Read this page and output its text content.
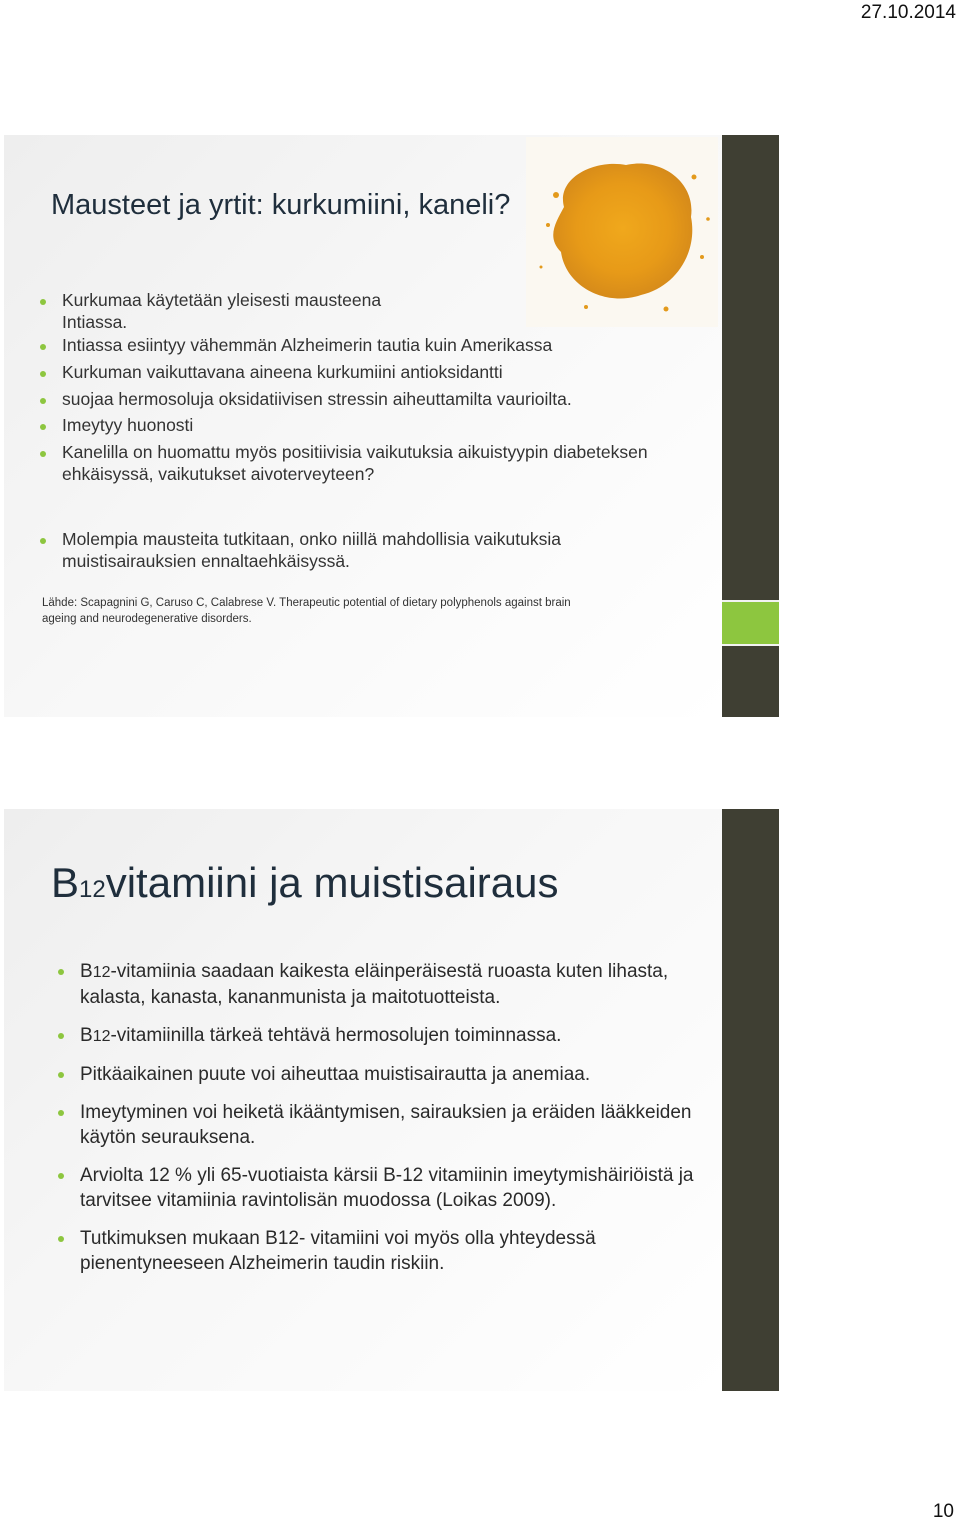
27.10.2014
Mausteet ja yrtit: kurkumiini, kaneli?
Kurkumaa käytetään yleisesti mausteena
Intiassa.
Intiassa esiintyy vähemmän Alzheimerin tautia kuin Amerikassa
Kurkuman vaikuttavana aineena kurkumiini antioksidantti
suojaa hermosoluja oksidatiivisen stressin aiheuttamilta vaurioilta.
Imeytyy huonosti
Kanelilla on huomattu myös positiivisia vaikutuksia aikuistyypin diabeteksen ehkäisyssä, vaikutukset aivoterveyteen?
Molempia mausteita tutkitaan, onko niillä mahdollisia vaikutuksia muistisairauksien ennaltaehkäisyssä.
Lähde: Scapagnini G, Caruso C, Calabrese V. Therapeutic potential of dietary polyphenols against brain ageing and neurodegenerative disorders.
B12vitamiini ja muistisairaus
B12-vitamiinia saadaan kaikesta eläinperäisestä ruoasta kuten lihasta, kalasta, kanasta, kananmunista ja maitotuotteista.
B12-vitamiinilla tärkeä tehtävä hermosolujen toiminnassa.
Pitkäaikainen puute voi aiheuttaa muistisairautta ja anemiaa.
Imeytyminen voi heiketä ikääntymisen, sairauksien ja eräiden lääkkeiden käytön seurauksena.
Arviolta 12 % yli 65-vuotiaista kärsii B-12 vitamiinin imeytymishäiriöistä ja tarvitsee vitamiinia ravintolisän muodossa (Loikas 2009).
Tutkimuksen mukaan B12- vitamiini voi myös olla yhteydessä pienentyneeseen Alzheimerin taudin riskiin.
10
